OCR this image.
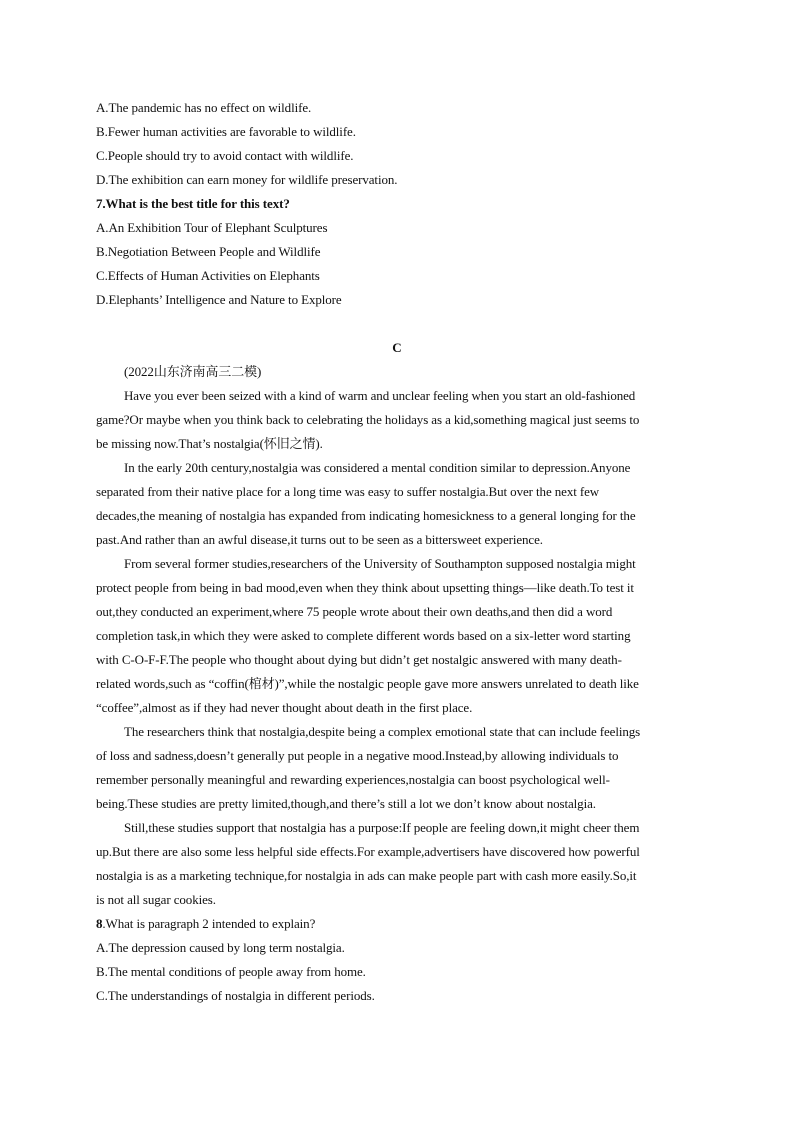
A.The pandemic has no effect on wildlife.
B.Fewer human activities are favorable to wildlife.
C.People should try to avoid contact with wildlife.
D.The exhibition can earn money for wildlife preservation.
7.What is the best title for this text?
A.An Exhibition Tour of Elephant Sculptures
B.Negotiation Between People and Wildlife
C.Effects of Human Activities on Elephants
D.Elephants’ Intelligence and Nature to Explore
C
(2022山东济南高三二模)
Have you ever been seized with a kind of warm and unclear feeling when you start an old-fashioned
game?Or maybe when you think back to celebrating the holidays as a kid,something magical just seems to
be missing now.That’s nostalgia(怀旧之情).
In the early 20th century,nostalgia was considered a mental condition similar to depression.Anyone
separated from their native place for a long time was easy to suffer nostalgia.But over the next few
decades,the meaning of nostalgia has expanded from indicating homesickness to a general longing for the
past.And rather than an awful disease,it turns out to be seen as a bittersweet experience.
From several former studies,researchers of the University of Southampton supposed nostalgia might
protect people from being in bad mood,even when they think about upsetting things—like death.To test it
out,they conducted an experiment,where 75 people wrote about their own deaths,and then did a word
completion task,in which they were asked to complete different words based on a six-letter word starting
with C-O-F-F.The people who thought about dying but didn’t get nostalgic answered with many death-
related words,such as “coffin(棺材)”,while the nostalgic people gave more answers unrelated to death like
“coffee”,almost as if they had never thought about death in the first place.
The researchers think that nostalgia,despite being a complex emotional state that can include feelings
of loss and sadness,doesn’t generally put people in a negative mood.Instead,by allowing individuals to
remember personally meaningful and rewarding experiences,nostalgia can boost psychological well-
being.These studies are pretty limited,though,and there’s still a lot we don’t know about nostalgia.
Still,these studies support that nostalgia has a purpose:If people are feeling down,it might cheer them
up.But there are also some less helpful side effects.For example,advertisers have discovered how powerful
nostalgia is as a marketing technique,for nostalgia in ads can make people part with cash more easily.So,it
is not all sugar cookies.
8.What is paragraph 2 intended to explain?
A.The depression caused by long term nostalgia.
B.The mental conditions of people away from home.
C.The understandings of nostalgia in different periods.
